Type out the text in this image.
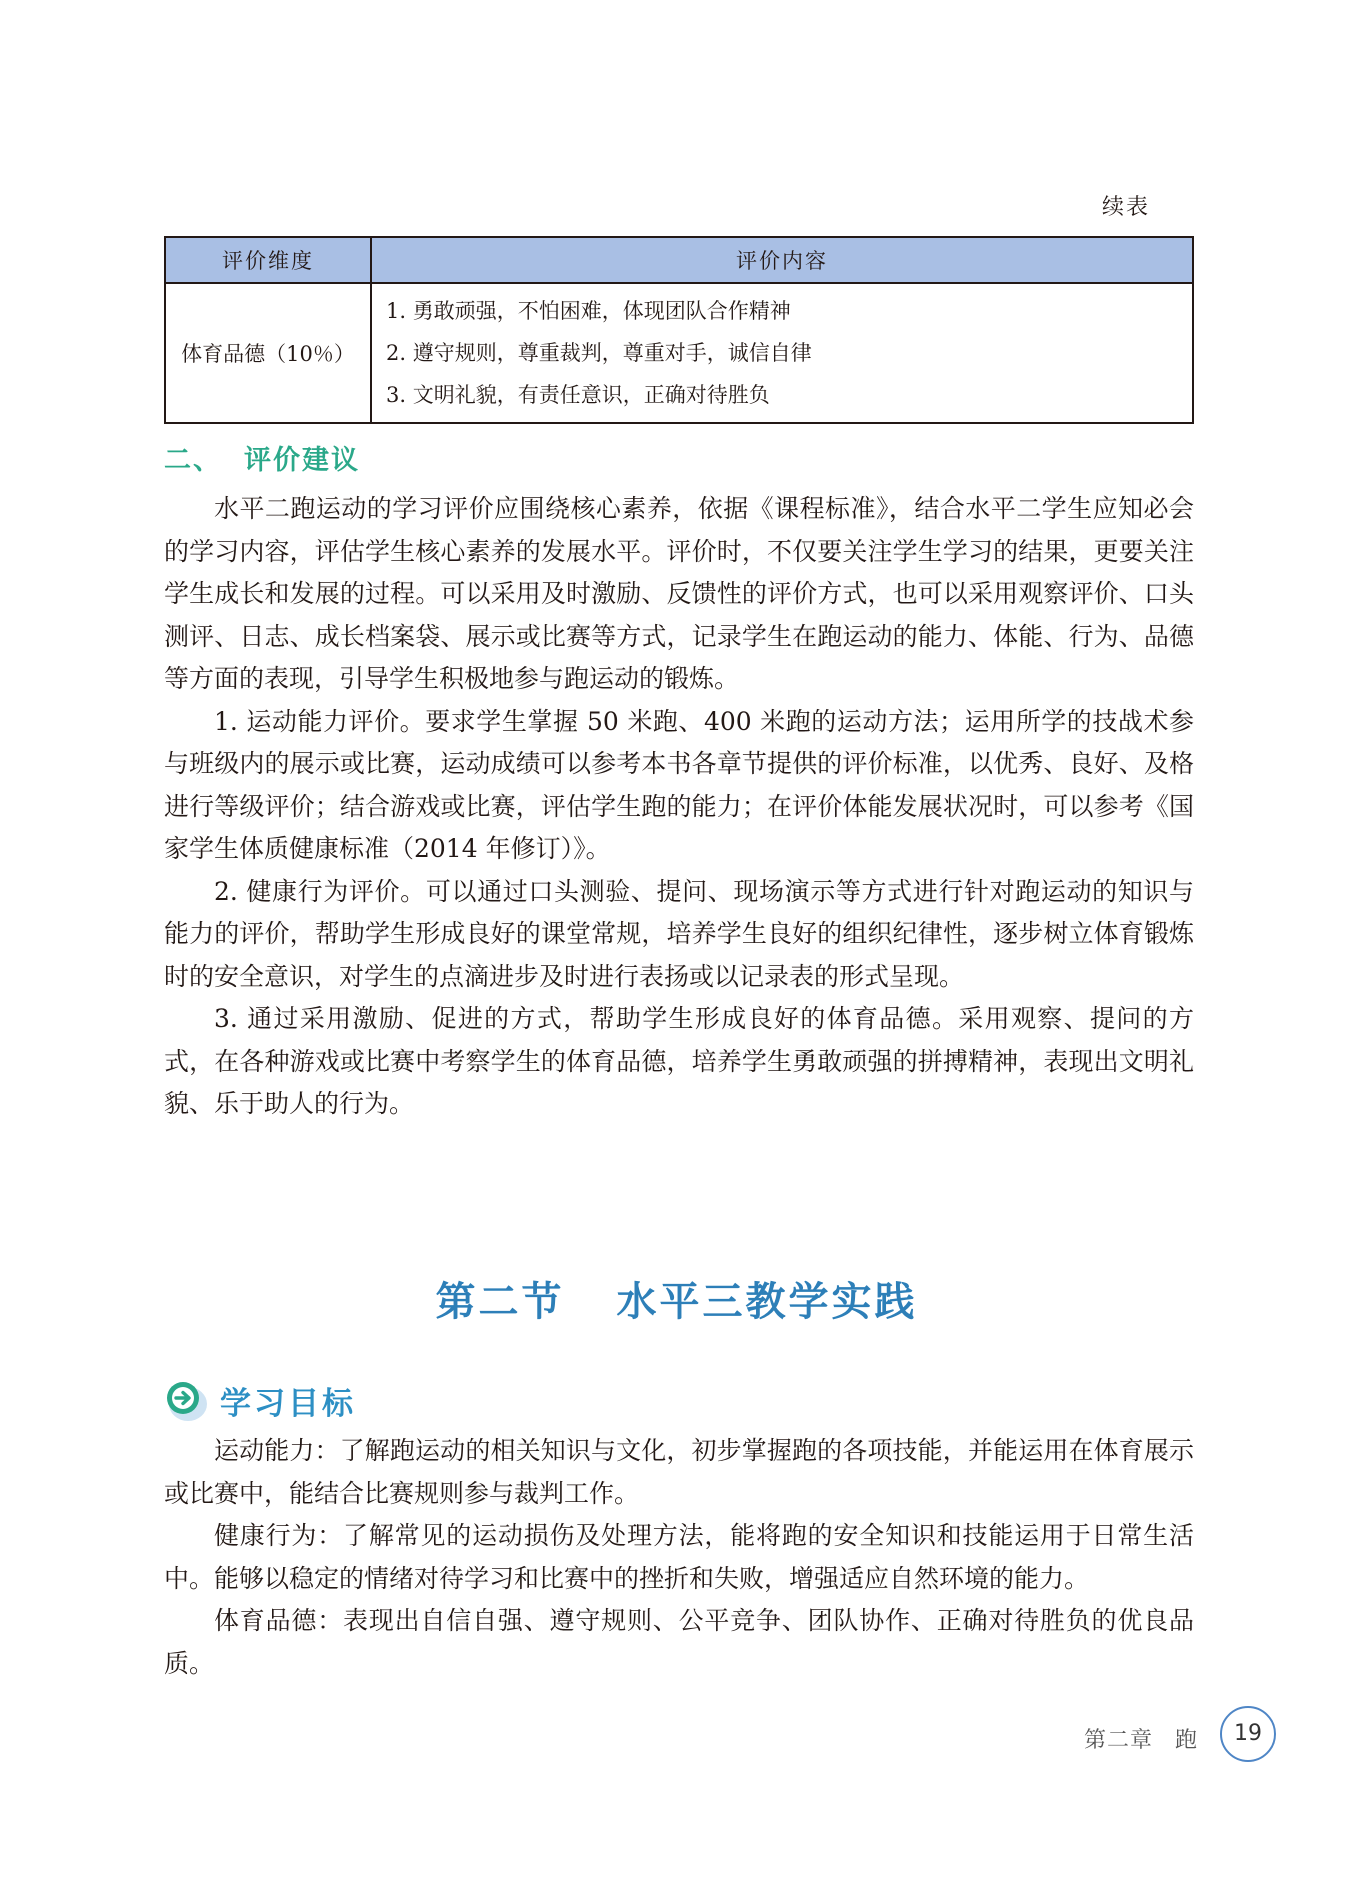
续表
评价维度	评价内容
体育品德（10％）	1. 勇敢顽强，不怕困难，体现团队合作精神
2. 遵守规则，尊重裁判，尊重对手，诚信自律
3. 文明礼貌，有责任意识，正确对待胜负
二、 评价建议

水平二跑运动的学习评价应围绕核心素养，依据《课程标准》，结合水平二学生应知必会的学习内容，评估学生核心素养的发展水平。评价时，不仅要关注学生学习的结果，更要关注学生成长和发展的过程。可以采用及时激励、反馈性的评价方式，也可以采用观察评价、口头测评、日志、成长档案袋、展示或比赛等方式，记录学生在跑运动的能力、体能、行为、品德等方面的表现，引导学生积极地参与跑运动的锻炼。

1. 运动能力评价。要求学生掌握 50 米跑、400 米跑的运动方法；运用所学的技战术参与班级内的展示或比赛，运动成绩可以参考本书各章节提供的评价标准，以优秀、良好、及格进行等级评价；结合游戏或比赛，评估学生跑的能力；在评价体能发展状况时，可以参考《国家学生体质健康标准（2014 年修订）》。

2. 健康行为评价。可以通过口头测验、提问、现场演示等方式进行针对跑运动的知识与能力的评价，帮助学生形成良好的课堂常规，培养学生良好的组织纪律性，逐步树立体育锻炼时的安全意识，对学生的点滴进步及时进行表扬或以记录表的形式呈现。

3. 通过采用激励、促进的方式，帮助学生形成良好的体育品德。采用观察、提问的方式，在各种游戏或比赛中考察学生的体育品德，培养学生勇敢顽强的拼搏精神，表现出文明礼貌、乐于助人的行为。

第二节 水平三教学实践
学习目标

运动能力：了解跑运动的相关知识与文化，初步掌握跑的各项技能，并能运用在体育展示或比赛中，能结合比赛规则参与裁判工作。

健康行为：了解常见的运动损伤及处理方法，能将跑的安全知识和技能运用于日常生活中。能够以稳定的情绪对待学习和比赛中的挫折和失败，增强适应自然环境的能力。

体育品德：表现出自信自强、遵守规则、公平竞争、团队协作、正确对待胜负的优良品质。

第二章 跑	19
